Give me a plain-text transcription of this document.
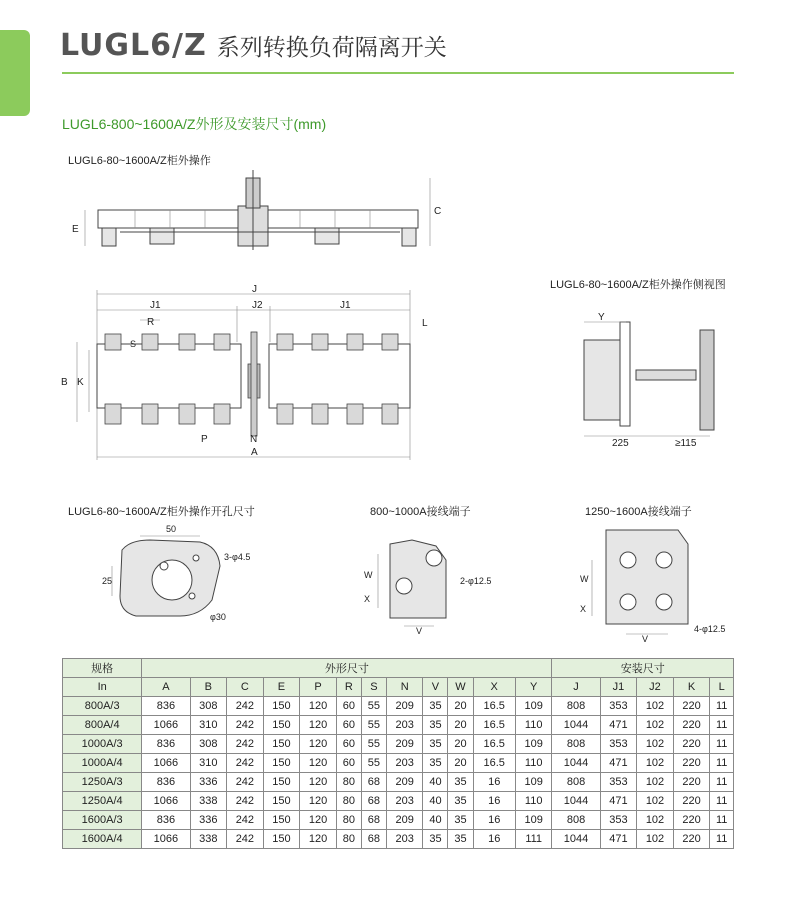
LUGL6/Z 系列转换负荷隔离开关
LUGL6-800~1600A/Z外形及安装尺寸(mm)
LUGL6-80~1600A/Z柜外操作
LUGL6-80~1600A/Z柜外操作侧视图
LUGL6-80~1600A/Z柜外操作开孔尺寸	800~1000A接线端子	1250~1600A接线端子
E
C
J1	J2	J1
J
R
S
L
B K
P	N
A
Y
225	≥115
50
25
3-φ4.5
φ30
W
X
V
2-φ12.5	W
X
V
4-φ12.5
规格	外形尺寸												安装尺寸				
In	A	B	C	E	P	R	S	N	V	W	X	Y	J	J1	J2	K	L
800A/3	836	308	242	150	120	60	55	209	35	20	16.5	109	808	353	102	220	11
800A/4	1066	310	242	150	120	60	55	203	35	20	16.5	110	1044	471	102	220	11
1000A/3	836	308	242	150	120	60	55	209	35	20	16.5	109	808	353	102	220	11
1000A/4	1066	310	242	150	120	60	55	203	35	20	16.5	110	1044	471	102	220	11
1250A/3	836	336	242	150	120	80	68	209	40	35	16	109	808	353	102	220	11
1250A/4	1066	338	242	150	120	80	68	203	40	35	16	110	1044	471	102	220	11
1600A/3	836	336	242	150	120	80	68	209	40	35	16	109	808	353	102	220	11
1600A/4	1066	338	242	150	120	80	68	203	35	35	16	111	1044	471	102	220	11
